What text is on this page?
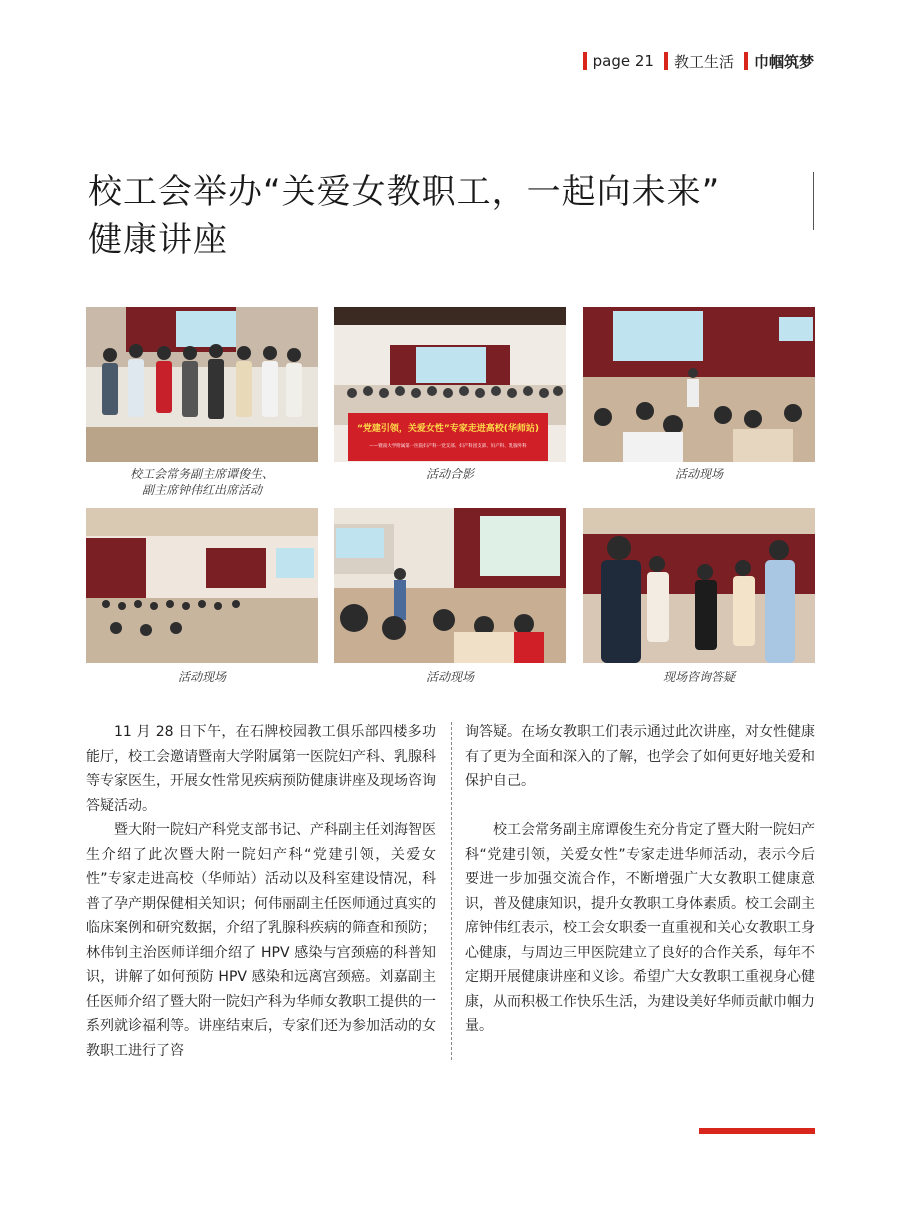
page 21 教工生活 巾帼筑梦
校工会举办“关爱女教职工，一起向未来”
健康讲座
校工会常务副主席谭俊生、
副主席钟伟红出席活动
“党建引领，关爱女性”专家走进高校(华师站)
——暨南大学附属第一医院妇产科一党支部、妇产科团支部、妇产科、乳腺外科
活动合影	活动现场
活动现场	活动现场	现场咨询答疑

11 月 28 日下午，在石牌校园教工俱乐部四楼多功能厅，校工会邀请暨南大学附属第一医院妇产科、乳腺科等专家医生，开展女性常见疾病预防健康讲座及现场咨询答疑活动。

暨大附一院妇产科党支部书记、产科副主任刘海智医生介绍了此次暨大附一院妇产科“党建引领，关爱女性”专家走进高校（华师站）活动以及科室建设情况，科普了孕产期保健相关知识；何伟丽副主任医师通过真实的临床案例和研究数据，介绍了乳腺科疾病的筛查和预防；林伟钊主治医师详细介绍了 HPV 感染与宫颈癌的科普知识，讲解了如何预防 HPV 感染和远离宫颈癌。刘嘉副主任医师介绍了暨大附一院妇产科为华师女教职工提供的一系列就诊福利等。讲座结束后，专家们还为参加活动的女教职工进行了咨

询答疑。在场女教职工们表示通过此次讲座，对女性健康有了更为全面和深入的了解，也学会了如何更好地关爱和保护自己。

校工会常务副主席谭俊生充分肯定了暨大附一院妇产科“党建引领，关爱女性”专家走进华师活动，表示今后要进一步加强交流合作，不断增强广大女教职工健康意识，普及健康知识，提升女教职工身体素质。校工会副主席钟伟红表示，校工会女职委一直重视和关心女教职工身心健康，与周边三甲医院建立了良好的合作关系，每年不定期开展健康讲座和义诊。希望广大女教职工重视身心健康，从而积极工作快乐生活，为建设美好华师贡献巾帼力量。
